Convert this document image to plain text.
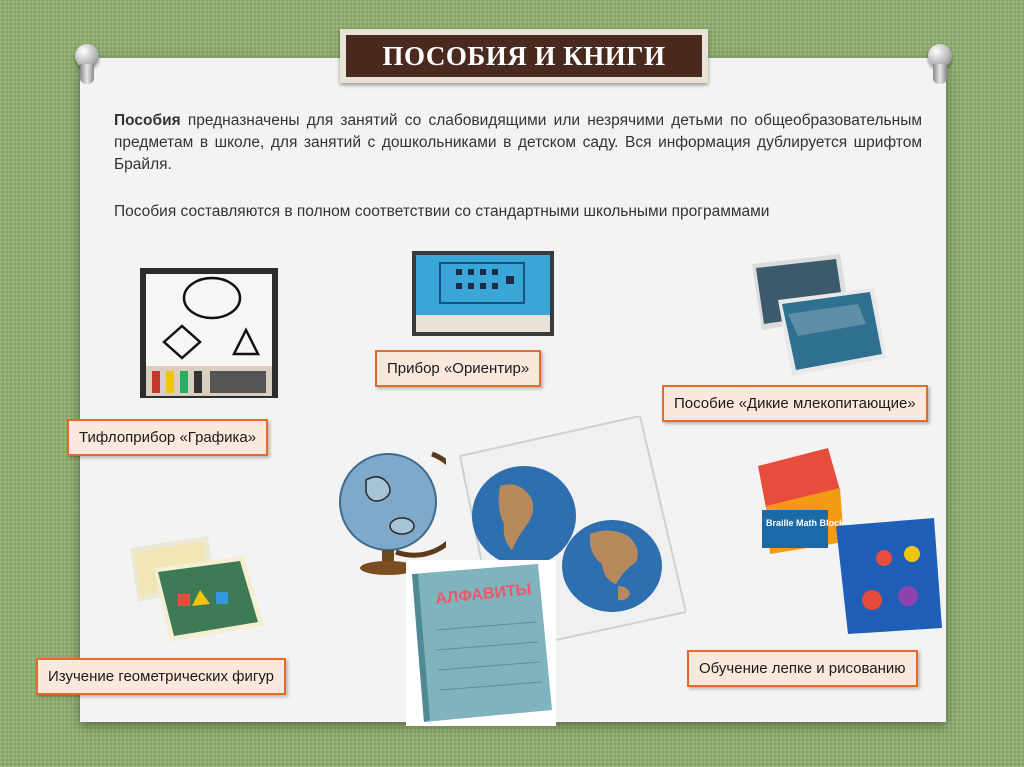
ПОСОБИЯ И КНИГИ

Пособия предназначены для занятий со слабовидящими или незрячими детьми по общеобразовательным предметам в школе, для занятий с дошкольниками в детском саду. Вся информация дублируется шрифтом Брайля.

Пособия составляются в полном соответствии со стандартными школьными программами

АЛФАВИТЫ
Braille Math Blocks
Прибор «Ориентир»
Пособие «Дикие млекопитающие»
Тифлоприбор «Графика»
Изучение геометрических фигур	Обучение лепке и рисованию
